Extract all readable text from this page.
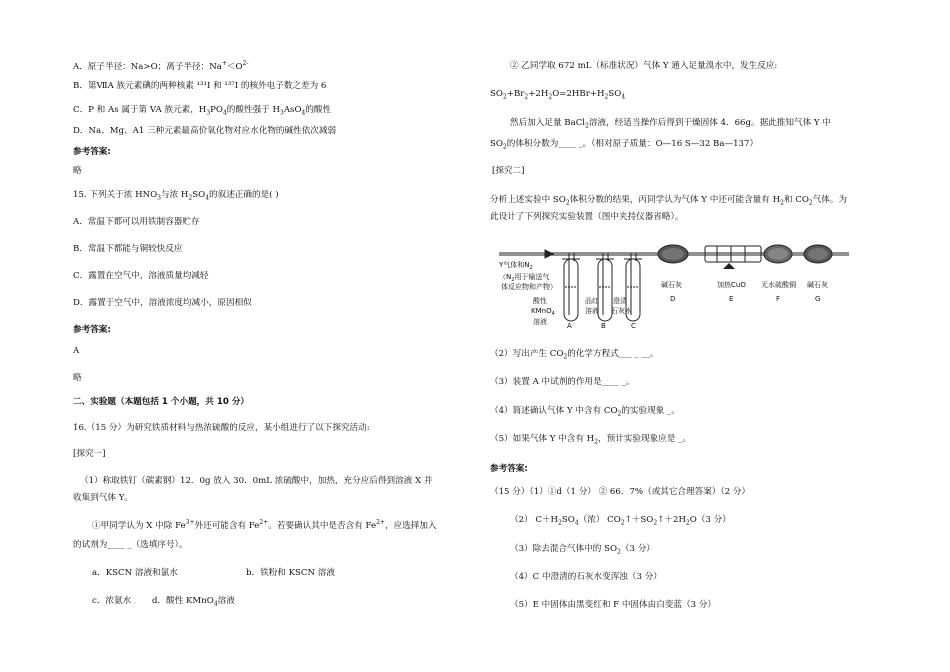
A．原子半径：Na>O；离子半径：$Na^+<O^{2-}$
B．第ⅦA 族元素碘的两种核素 ¹³¹I 和 ¹³⁷I 的核外电子数之差为 6
C．P 和 As 属于第 VA 族元素，$H_3PO_4$的酸性强于 $H_3AsO_4$的酸性
D．Na、Mg、A1 三种元素最高价氧化物对应水化物的碱性依次减弱
参考答案:
略
15. 下列关于浓 $HNO_3$与浓 $H_2SO_4$的叙述正确的是( )
A．常温下都可以用铁制容器贮存
B．常温下都能与铜较快反应
C．露置在空气中，溶液质量均减轻
D．露置于空气中，溶液浓度均减小，原因相似
参考答案:
A
略
二、实验题（本题包括 1 个小题，共 10 分）
16.（15 分）为研究铁质材料与热浓硫酸的反应，某小组进行了以下探究活动:
[探究一]
（1）称取铁钉（碳素钢）12．0g 放入 30．0mL 浓硫酸中，加热，充分应后得到溶液 X 并
收集到气体 Y。
①甲同学认为 X 中除 $Fe^{3+}$外还可能含有 $Fe^{2+}$。若要确认其中是否含有 $Fe^{2+}$，应选择加入
的试剂为____ _（选填序号）。
a．KSCN 溶液和氯水	b．铁粉和 KSCN 溶液
c．浓氨水 d．酸性 KMnO$_4$溶液
② 乙同学取 672 mL（标准状况）气体 Y 通入足量溴水中，发生反应:
$SO_2+Br_2+2H_2O=2HBr+H_2SO_4$
然后加入足量 BaCl$_2$溶液，经适当操作后得到干燥固体 4．66g。据此推知气体 Y 中
$SO_2$的体积分数为____ _。（相对原子质量：O—16 S—32 Ba—137）
[探究二]
分析上述实验中 $SO_2$体积分数的结果，丙同学认为气体 Y 中还可能含量有 $H_2$和 $CO_2$气体。为
此设计了下列探究实验装置（图中夹持仪器省略）。
Y气体和$N_2$
（$N_2$用于输送气
体反应物和产物）
酸性
KMnO$_4$
溶液	A
品红
溶液
B
澄清
石灰水
C
碱石灰
D
加热CuO
E
无水硫酸铜
F
碱石灰
G
（2）写出产生 $CO_2$的化学方程式___ _ __。
（3）装置 A 中试剂的作用是____ _。
（4）简述确认气体 Y 中含有 $CO_2$的实验现象 _。
（5）如果气体 Y 中含有 $H_2$，预计实验现象应是 _。
参考答案:
（15 分）（1）①d（1 分） ② 66．7%（或其它合理答案）（2 分）
（2） $C+H_2SO_4$（浓） $CO_2↑+SO_2↑+2H_2O(3$ 分）
（3）除去混合气体中的 $SO_2(3$ 分）
（4）C 中澄清的石灰水变浑浊（3 分）
（5）E 中固体由黑变红和 F 中固体由白变蓝（3 分）
